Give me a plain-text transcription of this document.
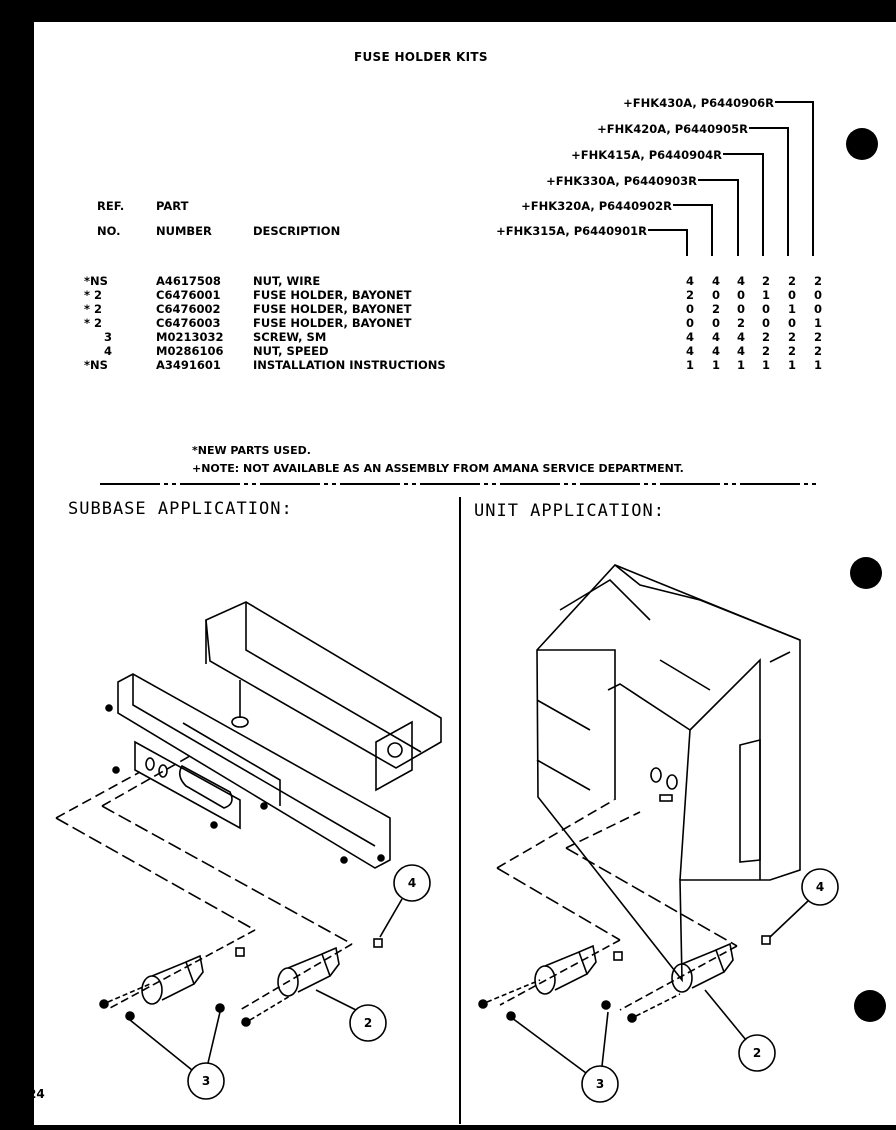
FUSE HOLDER KITS
+FHK315A, P6440901R
+FHK320A, P6440902R
+FHK330A, P6440903R
+FHK415A, P6440904R
+FHK420A, P6440905R
+FHK430A, P6440906R
REF.
NO.
PART
NUMBER	DESCRIPTION
*NS	A4617508	NUT, WIRE	4 4 4 2 2 2
* 2	C6476001	FUSE HOLDER, BAYONET	2 0 0 1 0 0
* 2	C6476002	FUSE HOLDER, BAYONET	0 2 0 0 1 0
* 2	C6476003	FUSE HOLDER, BAYONET	0 0 2 0 0 1
3	M0213032	SCREW, SM	4 4 4 2 2 2
4	M0286106	NUT, SPEED	4 4 4 2 2 2
*NS	A3491601	INSTALLATION INSTRUCTIONS	1 1 1 1 1 1
*NEW PARTS USED.
+NOTE: NOT AVAILABLE AS AN ASSEMBLY FROM AMANA SERVICE DEPARTMENT.
SUBBASE APPLICATION:	UNIT APPLICATION:
4
2
3
4
2
3
24
